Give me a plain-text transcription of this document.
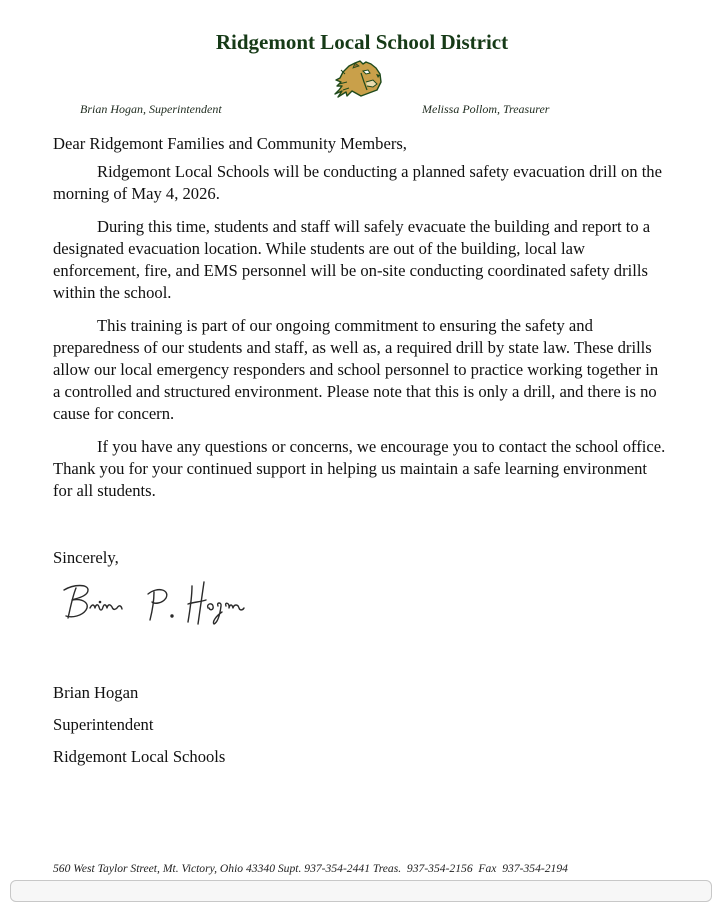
Ridgemont Local School District
Brian Hogan, Superintendent	Melissa Pollom, Treasurer

Dear Ridgemont Families and Community Members,

Ridgemont Local Schools will be conducting a planned safety evacuation drill on the morning of May 4, 2026.

During this time, students and staff will safely evacuate the building and report to a designated evacuation location. While students are out of the building, local law enforcement, fire, and EMS personnel will be on-site conducting coordinated safety drills within the school.

This training is part of our ongoing commitment to ensuring the safety and preparedness of our students and staff, as well as, a required drill by state law. These drills allow our local emergency responders and school personnel to practice working together in a controlled and structured environment. Please note that this is only a drill, and there is no cause for concern.

If you have any questions or concerns, we encourage you to contact the school office. Thank you for your continued support in helping us maintain a safe learning environment for all students.

Sincerely,
Brian Hogan
Superintendent
Ridgemont Local Schools
560 West Taylor Street, Mt. Victory, Ohio 43340 Supt. 937-354-2441 Treas.  937-354-2156  Fax  937-354-2194
